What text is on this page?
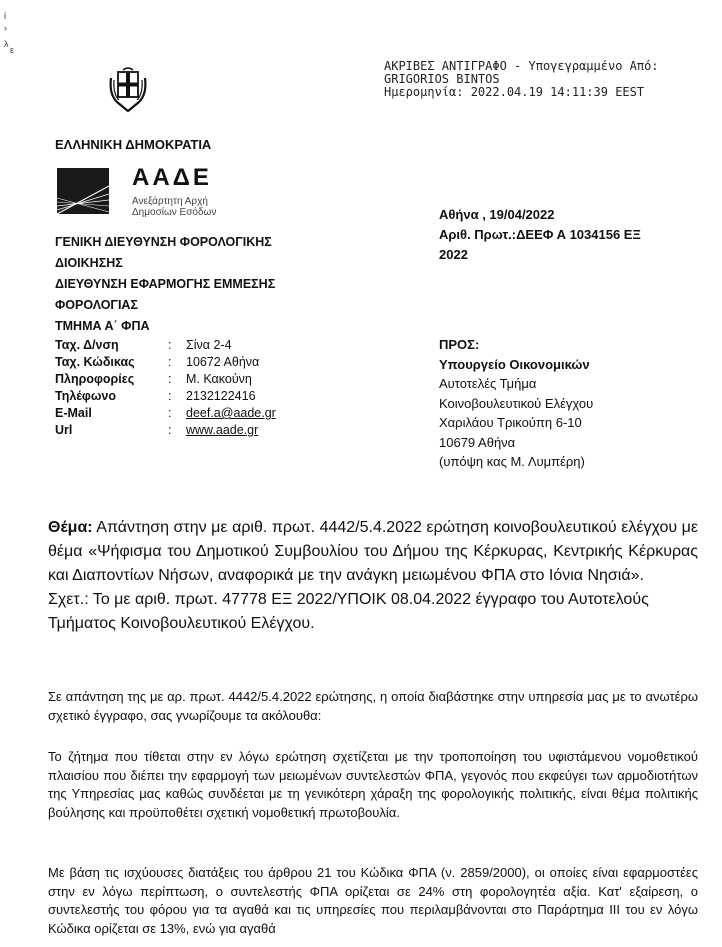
ί
›
λ
ε
ΑΚΡΙΒΕΣ ΑΝΤΙΓΡΑΦΟ - Υπογεγραμμένο Από:
GRIGORIOS BINTOS
Ημερομηνία: 2022.04.19 14:11:39 EEST
ΕΛΛΗΝΙΚΗ ΔΗΜΟΚΡΑΤΙΑ
ΑΑΔΕ
Ανεξάρτητη Αρχή
Δημοσίων Εσόδων
ΓΕΝΙΚΗ ΔΙΕΥΘΥΝΣΗ ΦΟΡΟΛΟΓΙΚΗΣ
ΔΙΟΙΚΗΣΗΣ
ΔΙΕΥΘΥΝΣΗ ΕΦΑΡΜΟΓΗΣ ΕΜΜΕΣΗΣ
ΦΟΡΟΛΟΓΙΑΣ
ΤΜΗΜΑ Α΄ ΦΠΑ
Ταχ. Δ/νση	:	Σίνα 2-4
Ταχ. Κώδικας	:	10672 Αθήνα
Πληροφορίες	:	Μ. Κακούνη
Τηλέφωνο	:	2132122416
E-Mail	:	deef.a@aade.gr
Url	:	www.aade.gr
Αθήνα , 19/04/2022
Αριθ. Πρωτ.:ΔΕΕΦ Α 1034156 ΕΞ
2022
ΠΡΟΣ:
Υπουργείο Οικονομικών
Αυτοτελές Τμήμα
Κοινοβουλευτικού Ελέγχου
Χαριλάου Τρικούπη 6-10
10679 Αθήνα
(υπόψη κας Μ. Λυμπέρη)

Θέμα: Απάντηση στην με αριθ. πρωτ. 4442/5.4.2022 ερώτηση κοινοβουλευτικού ελέγχου με θέμα «Ψήφισμα του Δημοτικού Συμβουλίου του Δήμου της Κέρκυρας, Κεντρικής Κέρκυρας και Διαποντίων Νήσων, αναφορικά με την ανάγκη μειωμένου ΦΠΑ στο Ιόνια Νησιά».

Σχετ.: Το με αριθ. πρωτ. 47778 ΕΞ 2022/ΥΠΟΙΚ 08.04.2022 έγγραφο του Αυτοτελούς Τμήματος Κοινοβουλευτικού Ελέγχου.

Σε απάντηση της με αρ. πρωτ. 4442/5.4.2022 ερώτησης, η οποία διαβάστηκε στην υπηρεσία μας με το ανωτέρω σχετικό έγγραφο, σας γνωρίζουμε τα ακόλουθα:
Το ζήτημα που τίθεται στην εν λόγω ερώτηση σχετίζεται με την τροποποίηση του υφιστάμενου νομοθετικού πλαισίου που διέπει την εφαρμογή των μειωμένων συντελεστών ΦΠΑ, γεγονός που εκφεύγει των αρμοδιοτήτων της Υπηρεσίας μας καθώς συνδέεται με τη γενικότερη χάραξη της φορολογικής πολιτικής, είναι θέμα πολιτικής βούλησης και προϋποθέτει σχετική νομοθετική πρωτοβουλία.
Με βάση τις ισχύουσες διατάξεις του άρθρου 21 του Κώδικα ΦΠΑ (ν. 2859/2000), οι οποίες είναι εφαρμοστέες στην εν λόγω περίπτωση, ο συντελεστής ΦΠΑ ορίζεται σε 24% στη φορολογητέα αξία. Κατ' εξαίρεση, ο συντελεστής του φόρου για τα αγαθά και τις υπηρεσίες που περιλαμβάνονται στο Παράρτημα ΙΙΙ του εν λόγω Κώδικα ορίζεται σε 13%, ενώ για αγαθά
